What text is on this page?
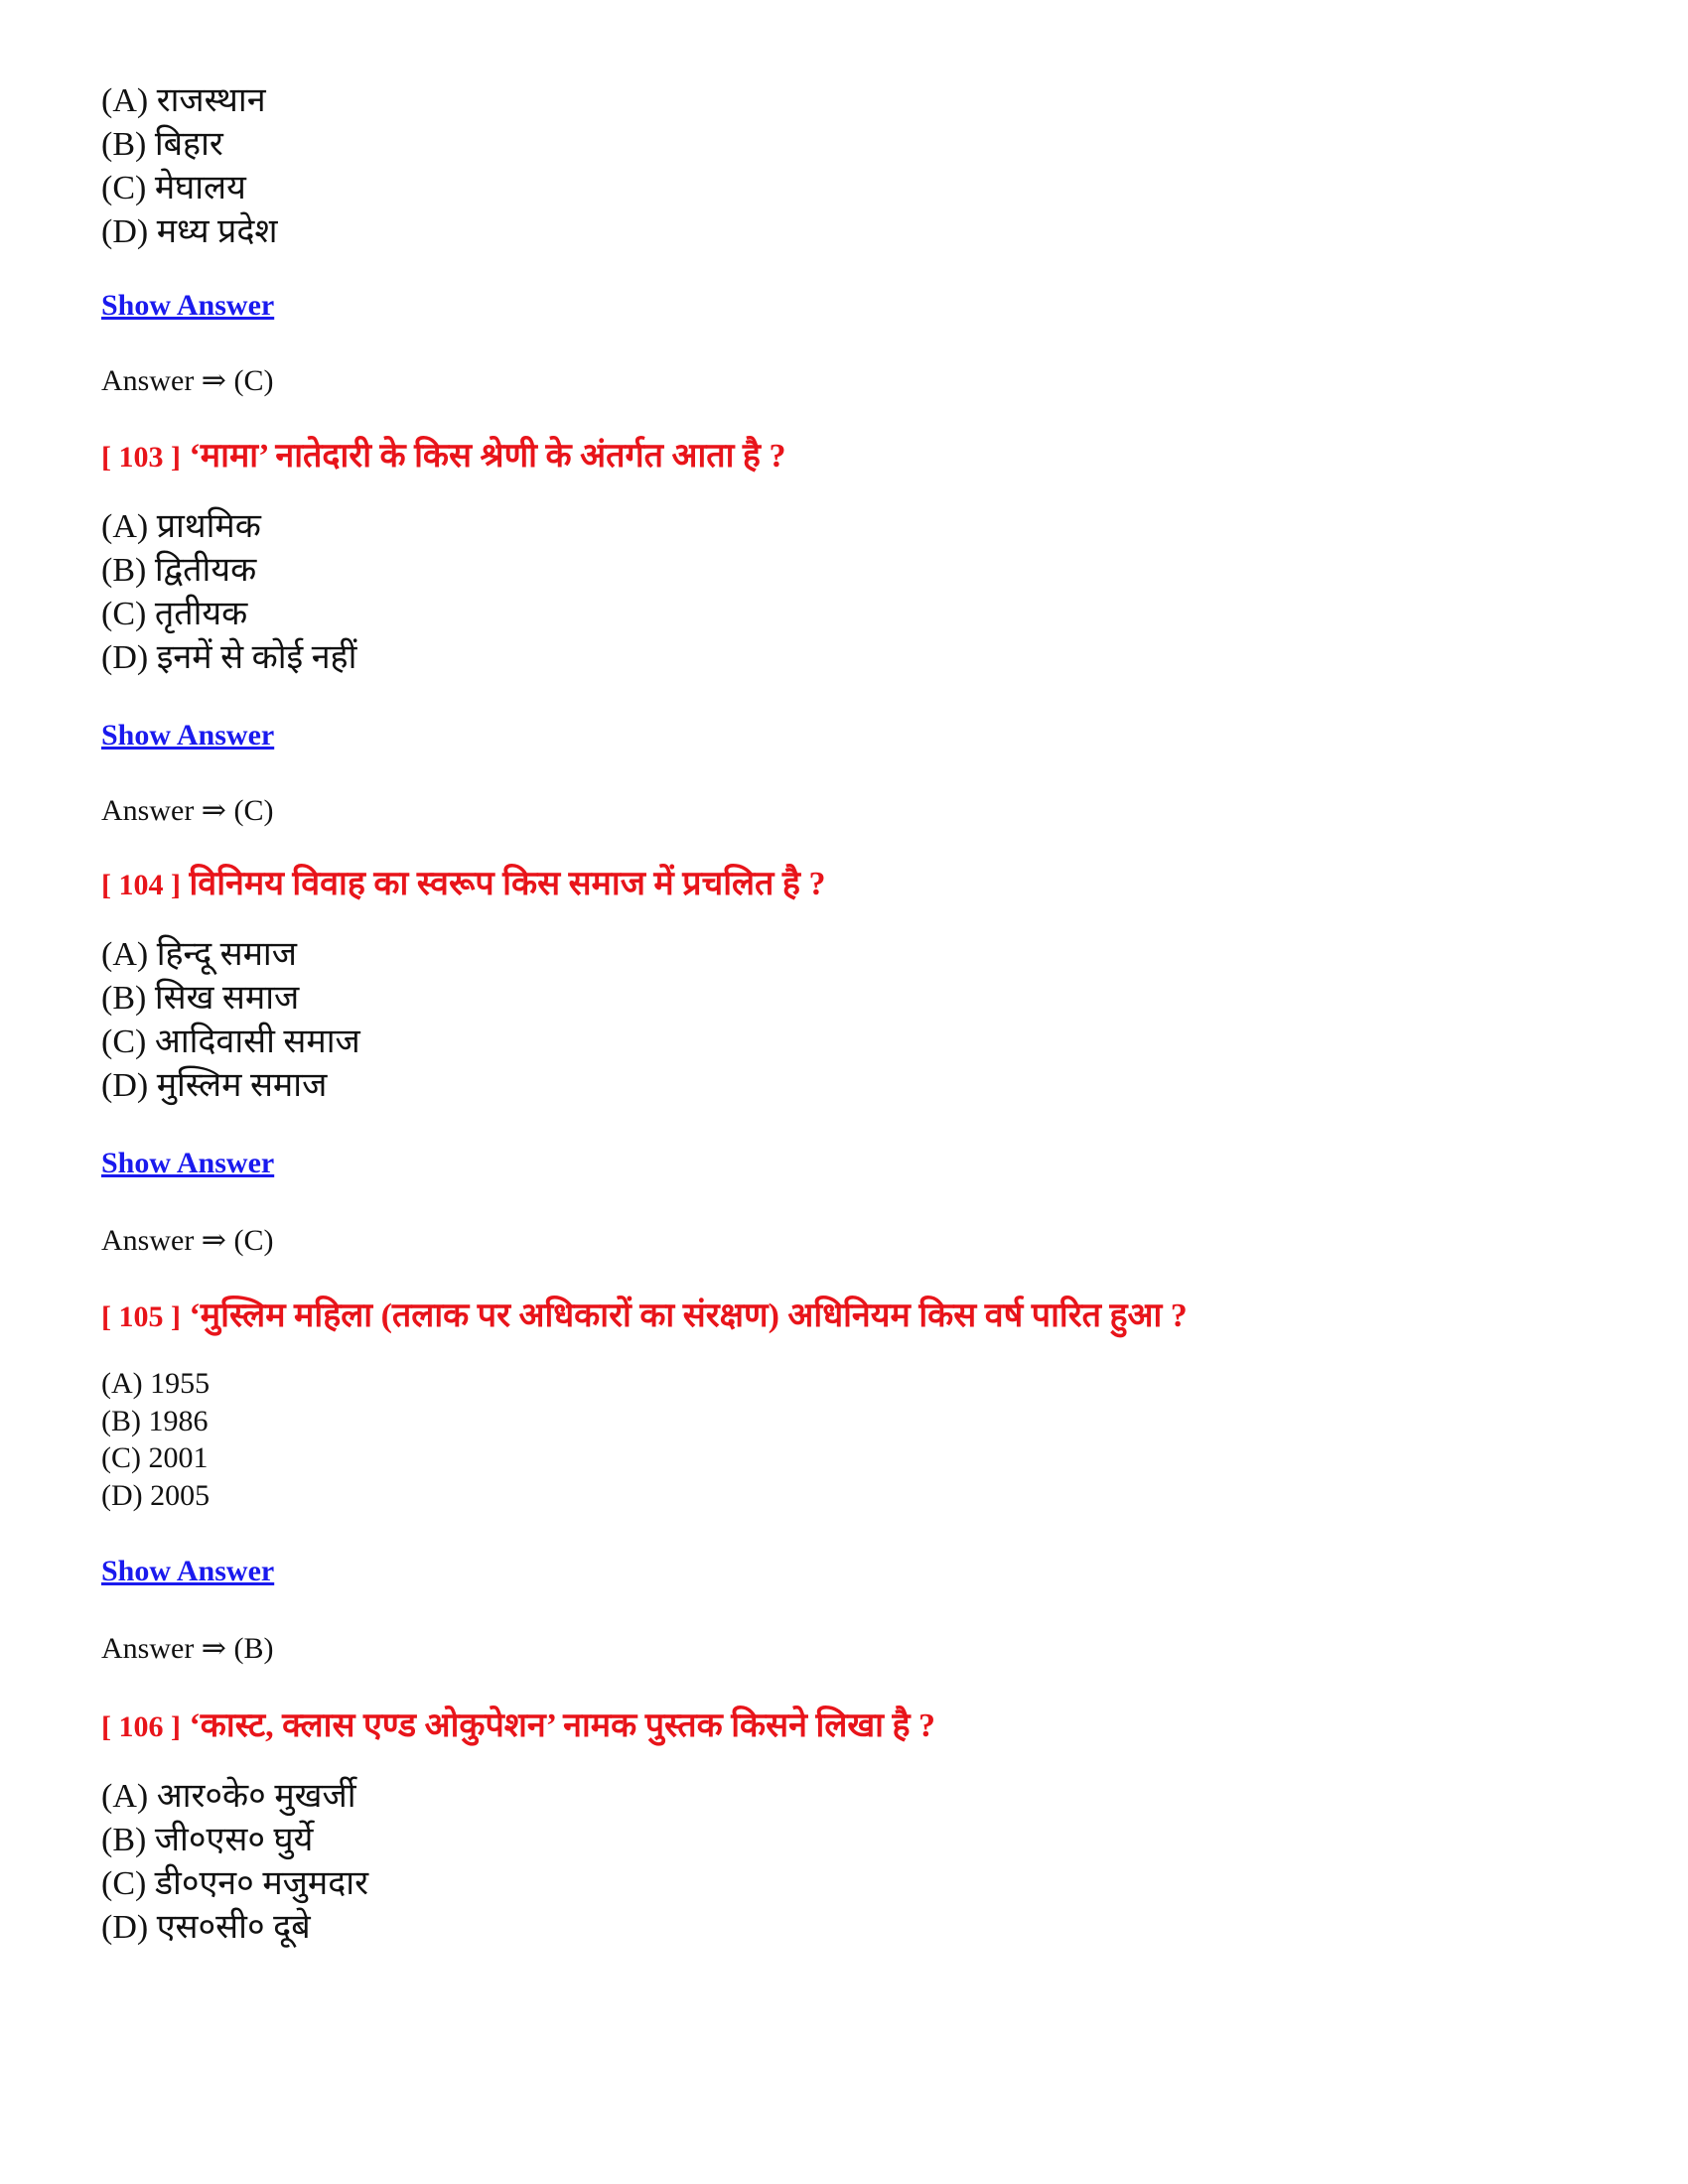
(A) राजस्थान
(B) बिहार
(C) मेघालय
(D) मध्य प्रदेश
Show Answer
Answer ⇒ (C)
[ 103 ] ‘मामा’ नातेदारी के किस श्रेणी के अंतर्गत आता है ?
(A) प्राथमिक
(B) द्वितीयक
(C) तृतीयक
(D) इनमें से कोई नहीं
Show Answer
Answer ⇒ (C)
[ 104 ] विनिमय विवाह का स्वरूप किस समाज में प्रचलित है ?
(A) हिन्दू समाज
(B) सिख समाज
(C) आदिवासी समाज
(D) मुस्लिम समाज
Show Answer
Answer ⇒ (C)
[ 105 ] ‘मुस्लिम महिला (तलाक पर अधिकारों का संरक्षण) अधिनियम किस वर्ष पारित हुआ ?
(A) 1955
(B) 1986
(C) 2001
(D) 2005
Show Answer
Answer ⇒ (B)
[ 106 ] ‘कास्ट, क्लास एण्ड ओकुपेशन’ नामक पुस्तक किसने लिखा है ?
(A) आर०के० मुखर्जी
(B) जी०एस० घुर्ये
(C) डी०एन० मजुमदार
(D) एस०सी० दूबे
